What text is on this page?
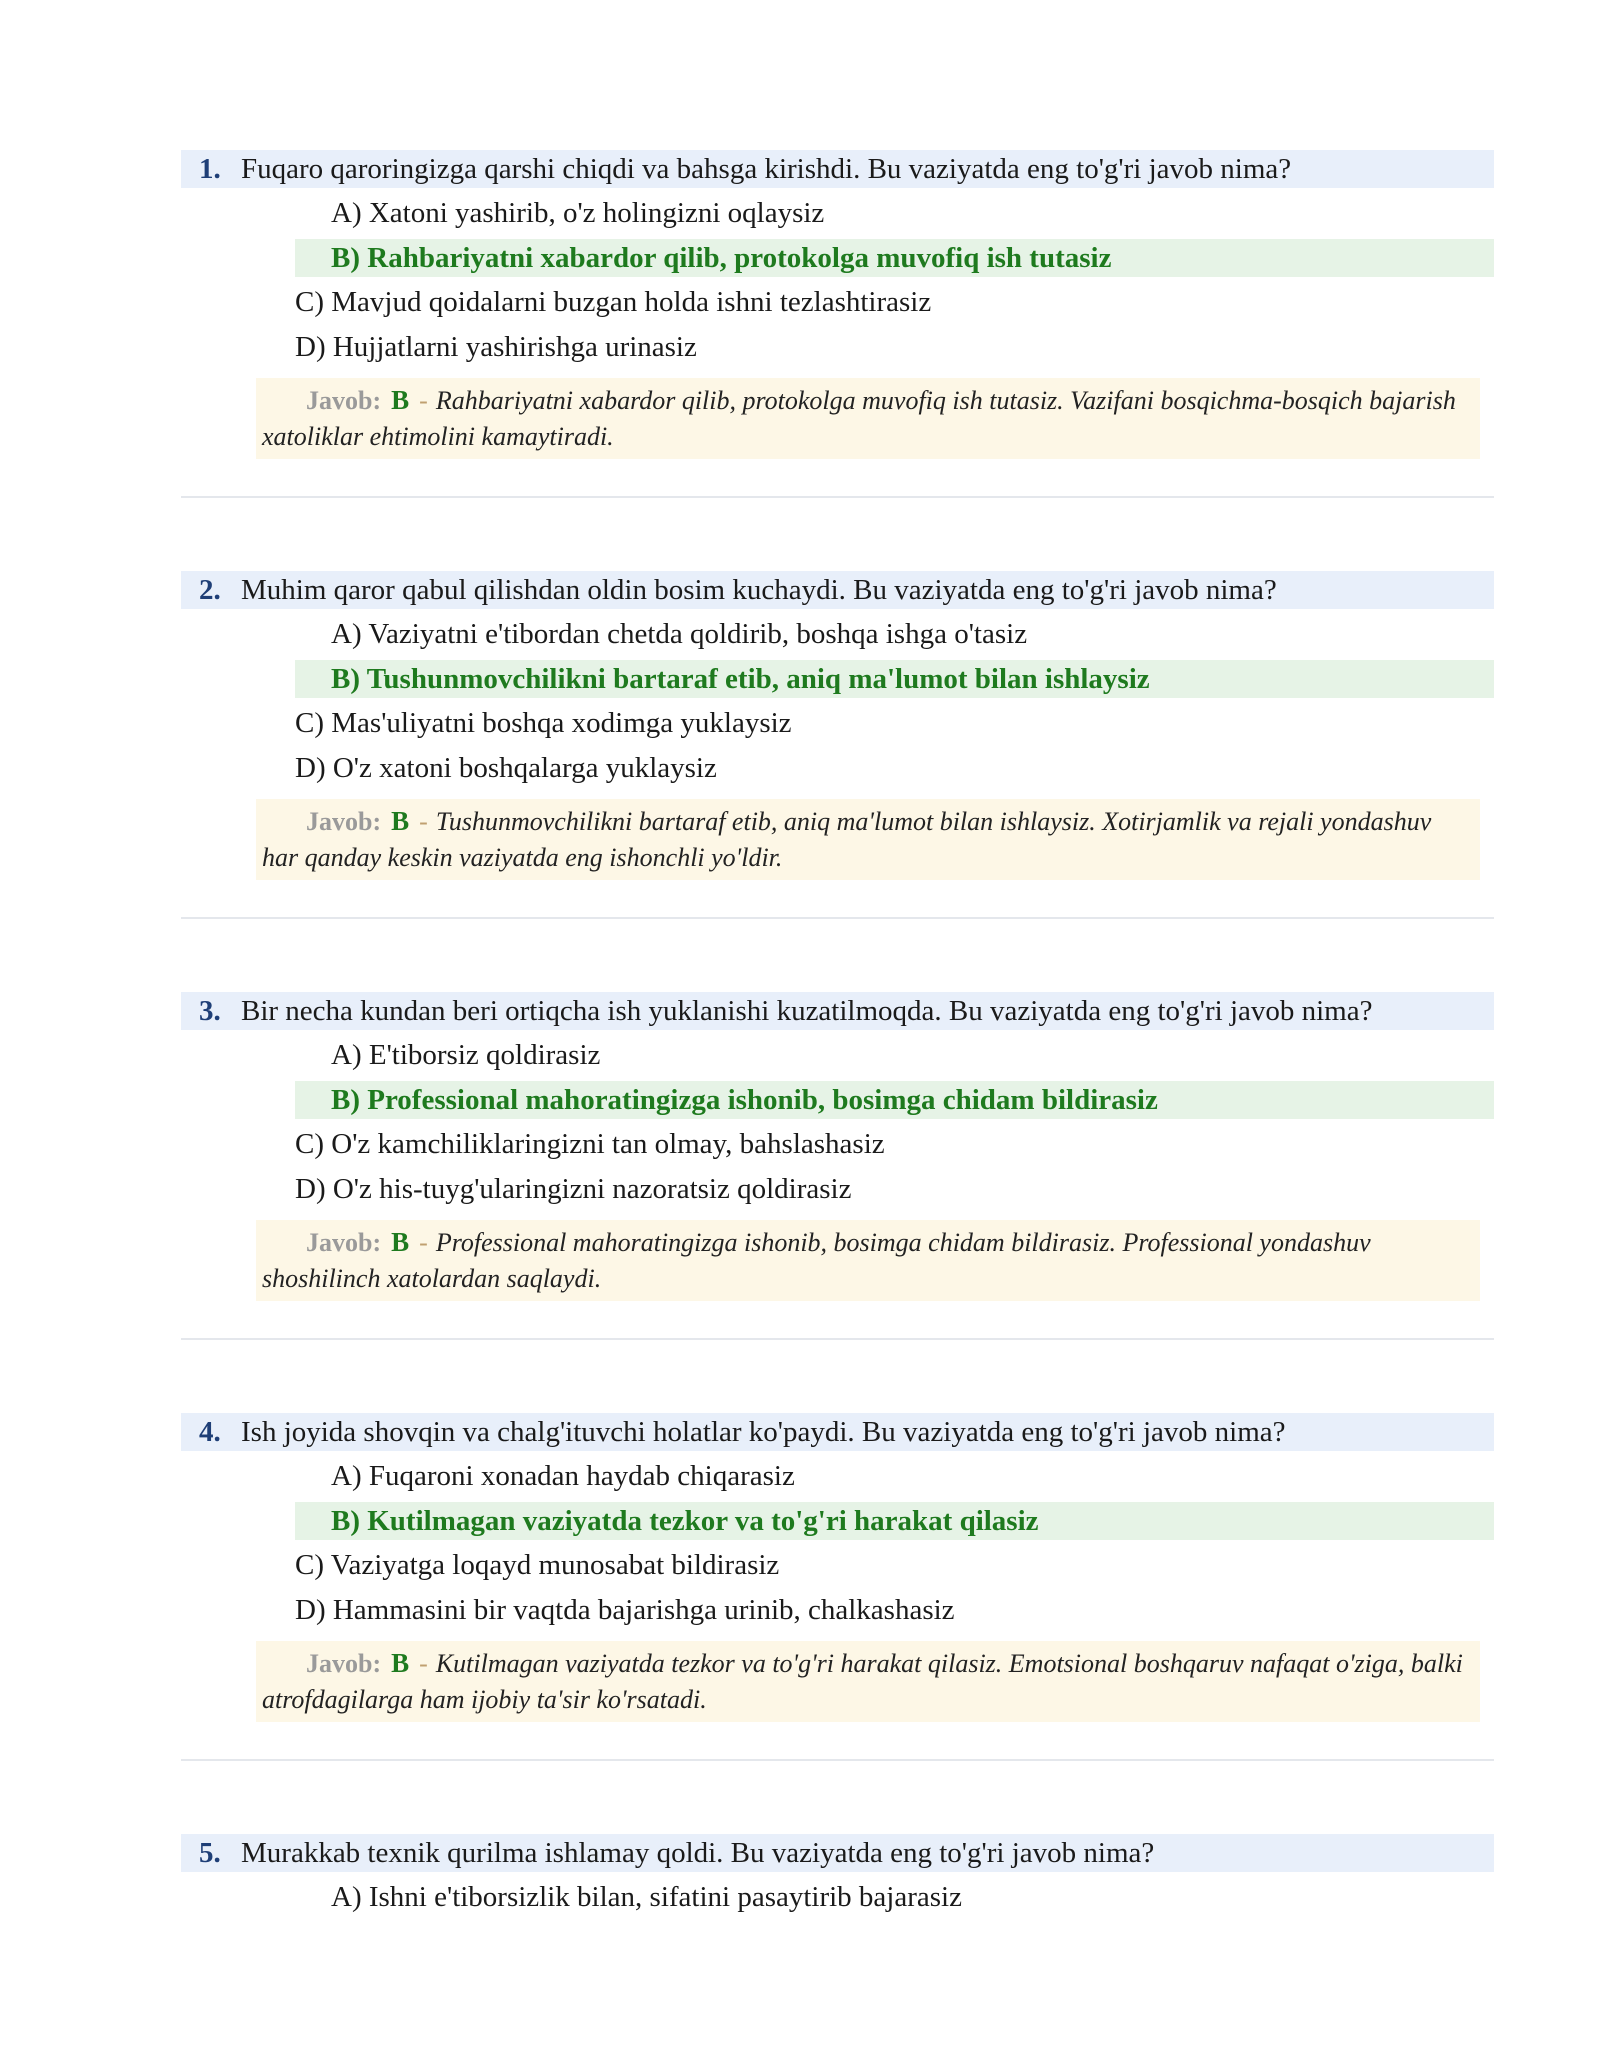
1. Fuqaro qaroringizga qarshi chiqdi va bahsga kirishdi. Bu vaziyatda eng to'g'ri javob nima?
A) Xatoni yashirib, o'z holingizni oqlaysiz
B) Rahbariyatni xabardor qilib, protokolga muvofiq ish tutasiz
C) Mavjud qoidalarni buzgan holda ishni tezlashtirasiz
D) Hujjatlarni yashirishga urinasiz
Javob: B - Rahbariyatni xabardor qilib, protokolga muvofiq ish tutasiz. Vazifani bosqichma-bosqich bajarish xatoliklar ehtimolini kamaytiradi.
2. Muhim qaror qabul qilishdan oldin bosim kuchaydi. Bu vaziyatda eng to'g'ri javob nima?
A) Vaziyatni e'tibordan chetda qoldirib, boshqa ishga o'tasiz
B) Tushunmovchilikni bartaraf etib, aniq ma'lumot bilan ishlaysiz
C) Mas'uliyatni boshqa xodimga yuklaysiz
D) O'z xatoni boshqalarga yuklaysiz
Javob: B - Tushunmovchilikni bartaraf etib, aniq ma'lumot bilan ishlaysiz. Xotirjamlik va rejali yondashuv har qanday keskin vaziyatda eng ishonchli yo'ldir.
3. Bir necha kundan beri ortiqcha ish yuklanishi kuzatilmoqda. Bu vaziyatda eng to'g'ri javob nima?
A) E'tiborsiz qoldirasiz
B) Professional mahoratingizga ishonib, bosimga chidam bildirasiz
C) O'z kamchiliklaringizni tan olmay, bahslashasiz
D) O'z his-tuyg'ularingizni nazoratsiz qoldirasiz
Javob: B - Professional mahoratingizga ishonib, bosimga chidam bildirasiz. Professional yondashuv shoshilinch xatolardan saqlaydi.
4. Ish joyida shovqin va chalg'ituvchi holatlar ko'paydi. Bu vaziyatda eng to'g'ri javob nima?
A) Fuqaroni xonadan haydab chiqarasiz
B) Kutilmagan vaziyatda tezkor va to'g'ri harakat qilasiz
C) Vaziyatga loqayd munosabat bildirasiz
D) Hammasini bir vaqtda bajarishga urinib, chalkashasiz
Javob: B - Kutilmagan vaziyatda tezkor va to'g'ri harakat qilasiz. Emotsional boshqaruv nafaqat o'ziga, balki atrofdagilarga ham ijobiy ta'sir ko'rsatadi.
5. Murakkab texnik qurilma ishlamay qoldi. Bu vaziyatda eng to'g'ri javob nima?
A) Ishni e'tiborsizlik bilan, sifatini pasaytirib bajarasiz
